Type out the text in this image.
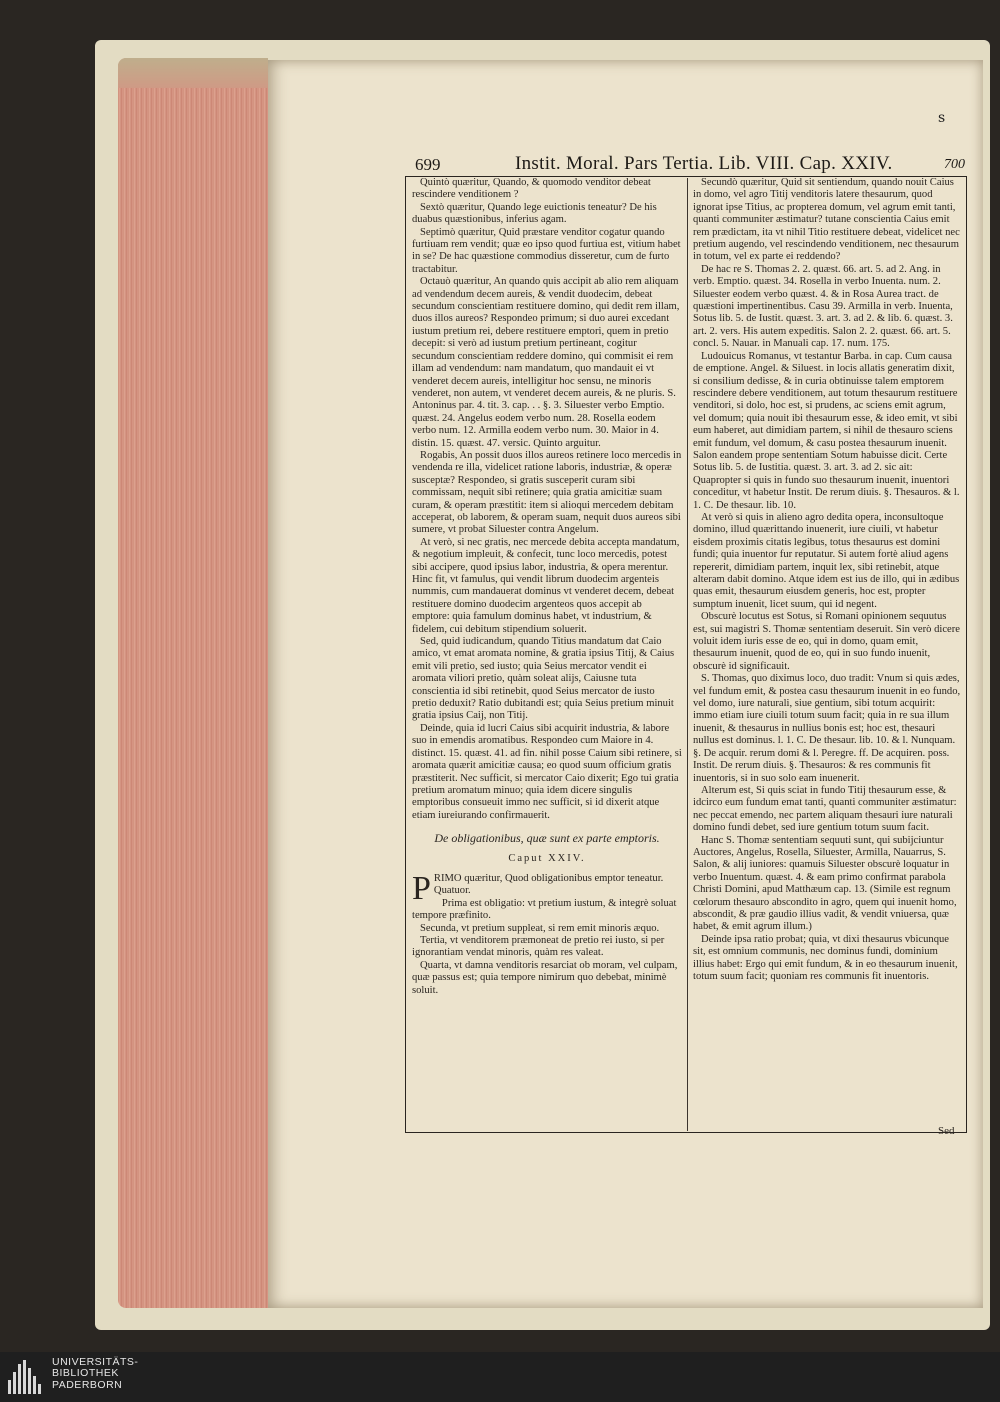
s
699	Instit. Moral. Pars Tertia. Lib. VIII. Cap. XXIV.	700

Quintò quæritur, Quando, & quomodo venditor debeat rescindere venditionem ?

Sextò quæritur, Quando lege euictionis teneatur? De his duabus quæstionibus, inferius agam.

Septimò quæritur, Quid præstare venditor cogatur quando furtiuam rem vendit; quæ eo ipso quod furtiua est, vitium habet in se? De hac quæstione commodius disseretur, cum de furto tractabitur.

Octauò quæritur, An quando quis accipit ab alio rem aliquam ad vendendum decem aureis, & vendit duodecim, debeat secundum conscientiam restituere domino, qui dedit rem illam, duos illos aureos? Respondeo primum; si duo aurei excedant iustum pretium rei, debere restituere emptori, quem in pretio decepit: si verò ad iustum pretium pertineant, cogitur secundum conscientiam reddere domino, qui commisit ei rem illam ad vendendum: nam mandatum, quo mandauit ei vt venderet decem aureis, intelligitur hoc sensu, ne minoris venderet, non autem, vt venderet decem aureis, & ne pluris. S. Antoninus par. 4. tit. 3. cap. . . §. 3. Siluester verbo Emptio. quæst. 24. Angelus eodem verbo num. 28. Rosella eodem verbo num. 12. Armilla eodem verbo num. 30. Maior in 4. distin. 15. quæst. 47. versic. Quinto arguitur.

Rogabis, An possit duos illos aureos retinere loco mercedis in vendenda re illa, videlicet ratione laboris, industriæ, & operæ susceptæ? Respondeo, si gratis susceperit curam sibi commissam, nequit sibi retinere; quia gratia amicitiæ suam curam, & operam præstitit: item si alioqui mercedem debitam acceperat, ob laborem, & operam suam, nequit duos aureos sibi sumere, vt probat Siluester contra Angelum.

At verò, si nec gratis, nec mercede debita accepta mandatum, & negotium impleuit, & confecit, tunc loco mercedis, potest sibi accipere, quod ipsius labor, industria, & opera merentur. Hinc fit, vt famulus, qui vendit librum duodecim argenteis nummis, cum mandauerat dominus vt venderet decem, debeat restituere domino duodecim argenteos quos accepit ab emptore: quia famulum dominus habet, vt industrium, & fidelem, cui debitum stipendium soluerit.

Sed, quid iudicandum, quando Titius mandatum dat Caio amico, vt emat aromata nomine, & gratia ipsius Titij, & Caius emit vili pretio, sed iusto; quia Seius mercator vendit ei aromata viliori pretio, quàm soleat alijs, Caiusne tuta conscientia id sibi retinebit, quod Seius mercator de iusto pretio deduxit? Ratio dubitandi est; quia Seius pretium minuit gratia ipsius Caij, non Titij.

Deinde, quia id lucri Caius sibi acquirit industria, & labore suo in emendis aromatibus. Respondeo cum Maiore in 4. distinct. 15. quæst. 41. ad fin. nihil posse Caium sibi retinere, si aromata quærit amicitiæ causa; eo quod suum officium gratis præstiterit. Nec sufficit, si mercator Caio dixerit; Ego tui gratia pretium aromatum minuo; quia idem dicere singulis emptoribus consueuit immo nec sufficit, si id dixerit atque etiam iureiurando confirmauerit.

De obligationibus, quæ sunt ex parte emptoris.

Caput XXIV.

PRIMO quæritur, Quod obligationibus emptor teneatur. Quatuor.

Prima est obligatio: vt pretium iustum, & integrè soluat tempore præfinito.

Secunda, vt pretium suppleat, si rem emit minoris æquo.

Tertia, vt venditorem præmoneat de pretio rei iusto, si per ignorantiam vendat minoris, quàm res valeat.

Quarta, vt damna venditoris resarciat ob moram, vel culpam, quæ passus est; quia tempore nimirum quo debebat, minimè soluit.

Secundò quæritur, Quid sit sentiendum, quando nouit Caius in domo, vel agro Titij venditoris latere thesaurum, quod ignorat ipse Titius, ac propterea domum, vel agrum emit tanti, quanti communiter æstimatur? tutane conscientia Caius emit rem prædictam, ita vt nihil Titio restituere debeat, videlicet nec pretium augendo, vel rescindendo venditionem, nec thesaurum in totum, vel ex parte ei reddendo?

De hac re S. Thomas 2. 2. quæst. 66. art. 5. ad 2. Ang. in verb. Emptio. quæst. 34. Rosella in verbo Inuenta. num. 2. Siluester eodem verbo quæst. 4. & in Rosa Aurea tract. de quæstioni impertinentibus. Casu 39. Armilla in verb. Inuenta, Sotus lib. 5. de Iustit. quæst. 3. art. 3. ad 2. & lib. 6. quæst. 3. art. 2. vers. His autem expeditis. Salon 2. 2. quæst. 66. art. 5. concl. 5. Nauar. in Manuali cap. 17. num. 175.

Ludouicus Romanus, vt testantur Barba. in cap. Cum causa de emptione. Angel. & Siluest. in locis allatis generatim dixit, si consilium dedisse, & in curia obtinuisse talem emptorem rescindere debere venditionem, aut totum thesaurum restituere venditori, si dolo, hoc est, si prudens, ac sciens emit agrum, vel domum; quia nouit ibi thesaurum esse, & ideo emit, vt sibi eum haberet, aut dimidiam partem, si nihil de thesauro sciens emit fundum, vel domum, & casu postea thesaurum inuenit. Salon eandem prope sententiam Sotum habuisse dicit. Certe Sotus lib. 5. de Iustitia. quæst. 3. art. 3. ad 2. sic ait: Quapropter si quis in fundo suo thesaurum inuenit, inuentori conceditur, vt habetur Instit. De rerum diuis. §. Thesauros. & l. 1. C. De thesaur. lib. 10.

At verò si quis in alieno agro dedita opera, inconsultoque domino, illud quærittando inuenerit, iure ciuili, vt habetur eisdem proximis citatis legibus, totus thesaurus est domini fundi; quia inuentor fur reputatur. Si autem fortè aliud agens repererit, dimidiam partem, inquit lex, sibi retinebit, atque alteram dabit domino. Atque idem est ius de illo, qui in ædibus quas emit, thesaurum eiusdem generis, hoc est, propter sumptum inuenit, licet suum, qui id negent.

Obscurè locutus est Sotus, si Romani opinionem sequutus est, sui magistri S. Thomæ sententiam deseruit. Sin verò dicere voluit idem iuris esse de eo, qui in domo, quam emit, thesaurum inuenit, quod de eo, qui in suo fundo inuenit, obscurè id significauit.

S. Thomas, quo diximus loco, duo tradit: Vnum si quis ædes, vel fundum emit, & postea casu thesaurum inuenit in eo fundo, vel domo, iure naturali, siue gentium, sibi totum acquirit: immo etiam iure ciuili totum suum facit; quia in re sua illum inuenit, & thesaurus in nullius bonis est; hoc est, thesauri nullus est dominus. l. 1. C. De thesaur. lib. 10. & l. Nunquam. §. De acquir. rerum domi & l. Peregre. ff. De acquiren. poss. Instit. De rerum diuis. §. Thesauros: & res communis fit inuentoris, si in suo solo eam inuenerit.

Alterum est, Si quis sciat in fundo Titij thesaurum esse, & idcirco eum fundum emat tanti, quanti communiter æstimatur: nec peccat emendo, nec partem aliquam thesauri iure naturali domino fundi debet, sed iure gentium totum suum facit.

Hanc S. Thomæ sententiam sequuti sunt, qui subijciuntur Auctores, Angelus, Rosella, Siluester, Armilla, Nauarrus, S. Salon, & alij iuniores: quamuis Siluester obscurè loquatur in verbo Inuentum. quæst. 4. & eam primo confirmat parabola Christi Domini, apud Matthæum cap. 13. (Simile est regnum cœlorum thesauro abscondito in agro, quem qui inuenit homo, abscondit, & præ gaudio illius vadit, & vendit vniuersa, quæ habet, & emit agrum illum.)

Deinde ipsa ratio probat; quia, vt dixi thesaurus vbicunque sit, est omnium communis, nec dominus fundi, dominium illius habet: Ergo qui emit fundum, & in eo thesaurum inuenit, totum suum facit; quoniam res communis fit inuentoris.

Sed
UNIVERSITÄTS-
BIBLIOTHEK
PADERBORN
